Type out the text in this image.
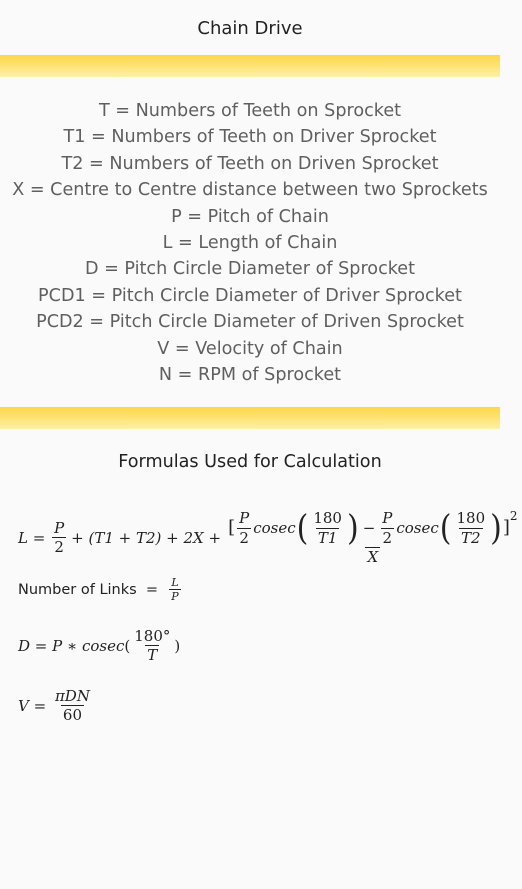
Chain Drive
T = Numbers of Teeth on Sprocket
T1 = Numbers of Teeth on Driver Sprocket
T2 = Numbers of Teeth on Driven Sprocket
X = Centre to Centre distance between two Sprockets
P = Pitch of Chain
L = Length of Chain
D = Pitch Circle Diameter of Sprocket
PCD1 = Pitch Circle Diameter of Driver Sprocket
PCD2 = Pitch Circle Diameter of Driven Sprocket
V = Velocity of Chain
N = RPM of Sprocket
Formulas Used for Calculation
$L = \frac{P}{2} + (T1 + T2) + 2X$ + [ $\frac{P}{2}$ cosec ( $\frac{180}{T1}$ ) − $\frac{P}{2}$ cosec ( $\frac{180}{T2}$ ) ]
$^2$
X
Number of Links = $\frac{L}{P}$
D = P ∗ cosec ( $\frac{180^\circ}{T}$ )
$V = \frac{\text{πDN}}{60}$
